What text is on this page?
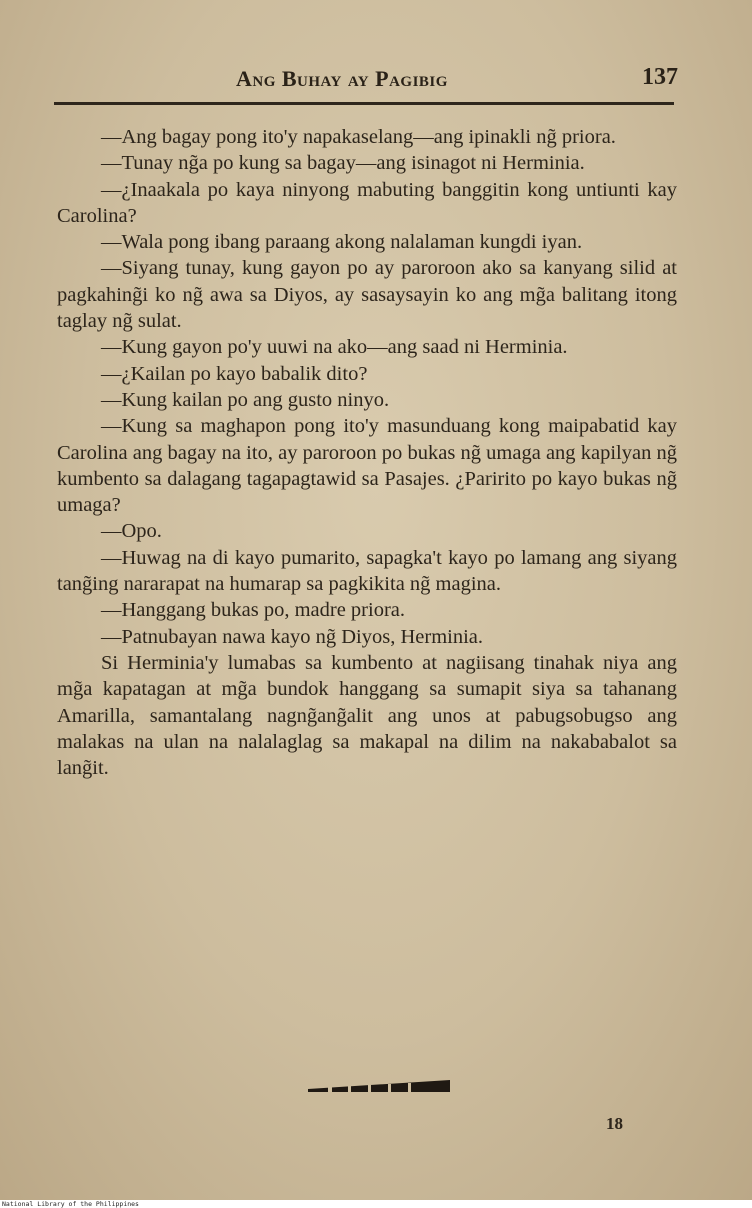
Ang Buhay ay Pagibig	137

—Ang bagay pong ito'y napakaselang—ang ipinakli ng̃ priora.

—Tunay ng̃a po kung sa bagay—ang isinagot ni Herminia.

—¿Inaakala po kaya ninyong mabuting banggitin kong untiunti kay Carolina?

—Wala pong ibang paraang akong nalalaman kungdi iyan.

—Siyang tunay, kung gayon po ay paroroon ako sa kanyang silid at pagkahing̃i ko ng̃ awa sa Diyos, ay sasaysayin ko ang mg̃a balitang itong taglay ng̃ sulat.

—Kung gayon po'y uuwi na ako—ang saad ni Herminia.

—¿Kailan po kayo babalik dito?

—Kung kailan po ang gusto ninyo.

—Kung sa maghapon pong ito'y masunduang kong maipabatid kay Carolina ang bagay na ito, ay paroroon po bukas ng̃ umaga ang kapilyan ng̃ kumbento sa dalagang tagapagtawid sa Pasajes. ¿Paririto po kayo bukas ng̃ umaga?

—Opo.

—Huwag na di kayo pumarito, sapagka't kayo po lamang ang siyang tang̃ing nararapat na humarap sa pagkikita ng̃ magina.

—Hanggang bukas po, madre priora.

—Patnubayan nawa kayo ng̃ Diyos, Herminia.

Si Herminia'y lumabas sa kumbento at nagiisang tinahak niya ang mg̃a kapatagan at mg̃a bundok hanggang sa sumapit siya sa tahanang Amarilla, samantalang nagng̃ang̃alit ang unos at pabugsobugso ang malakas na ulan na nalalaglag sa makapal na dilim na nakababalot sa lang̃it.

18
National Library of the Philippines
